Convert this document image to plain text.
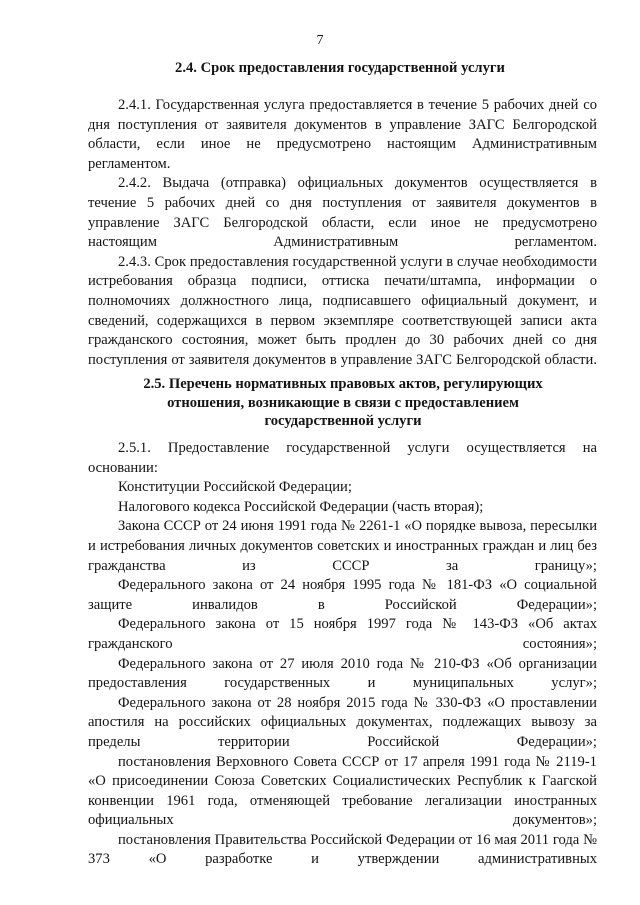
7
2.4. Срок предоставления государственной услуги

2.4.1. Государственная услуга предоставляется в течение 5 рабочих дней со дня поступления от заявителя документов в управление ЗАГС Белгородской области, если иное не предусмотрено настоящим Административным регламентом.

2.4.2. Выдача (отправка) официальных документов осуществляется в течение 5 рабочих дней со дня поступления от заявителя документов в управление ЗАГС Белгородской области, если иное не предусмотрено настоящим Административным регламентом.

2.4.3. Срок предоставления государственной услуги в случае необходимости истребования образца подписи, оттиска печати/штампа, информации о полномочиях должностного лица, подписавшего официальный документ, и сведений, содержащихся в первом экземпляре соответствующей записи акта гражданского состояния, может быть продлен до 30 рабочих дней со дня поступления от заявителя документов в управление ЗАГС Белгородской области.

2.5. Перечень нормативных правовых актов, регулирующих
отношения, возникающие в связи с предоставлением
государственной услуги

2.5.1. Предоставление государственной услуги осуществляется на основании:

Конституции Российской Федерации;

Налогового кодекса Российской Федерации (часть вторая);

Закона СССР от 24 июня 1991 года № 2261-1 «О порядке вывоза, пересылки и истребования личных документов советских и иностранных граждан и лиц без гражданства из СССР за границу»;

Федерального закона от 24 ноября 1995 года № 181-ФЗ «О социальной защите инвалидов в Российской Федерации»;

Федерального закона от 15 ноября 1997 года № 143-ФЗ «Об актах гражданского состояния»;

Федерального закона от 27 июля 2010 года № 210-ФЗ «Об организации предоставления государственных и муниципальных услуг»;

Федерального закона от 28 ноября 2015 года № 330-ФЗ «О проставлении апостиля на российских официальных документах, подлежащих вывозу за пределы территории Российской Федерации»;

постановления Верховного Совета СССР от 17 апреля 1991 года № 2119-1 «О присоединении Союза Советских Социалистических Республик к Гаагской конвенции 1961 года, отменяющей требование легализации иностранных официальных документов»;

постановления Правительства Российской Федерации от 16 мая 2011 года № 373 «О разработке и утверждении административных
